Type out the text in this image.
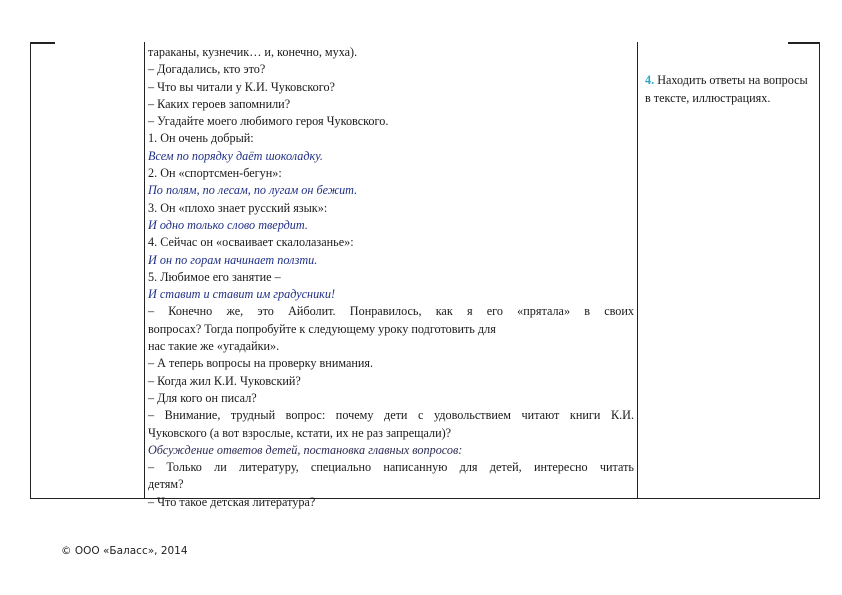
тараканы, кузнечик… и, конечно, муха).
– Догадались, кто это?
– Что вы читали у К.И. Чуковского?
– Каких героев запомнили?
– Угадайте моего любимого героя Чуковского.
1. Он очень добрый:
Всем по порядку даёт шоколадку.
2. Он «спортсмен-бегун»:
По полям, по лесам, по лугам он бежит.
3. Он «плохо знает русский язык»:
И одно только слово твердит.
4. Сейчас он «осваивает скалолазанье»:
И он по горам начинает ползти.
5. Любимое его занятие –
И ставит и ставит им градусники!
– Конечно же, это Айболит. Понравилось, как я его «прятала» в своих
вопросах? Тогда попробуйте к следующему уроку подготовить для
нас такие же «угадайки».
– А теперь вопросы на проверку внимания.
– Когда жил К.И. Чуковский?
– Для кого он писал?
– Внимание, трудный вопрос: почему дети с удовольствием читают книги К.И.
Чуковского (а вот взрослые, кстати, их не раз запрещали)?
Обсуждение ответов детей, постановка главных вопросов:
– Только ли литературу, специально написанную для детей, интересно читать
детям?
– Что такое детская литература?
4. Находить ответы на вопросы в тексте, иллюстрациях.
© ООО «Баласс», 2014
